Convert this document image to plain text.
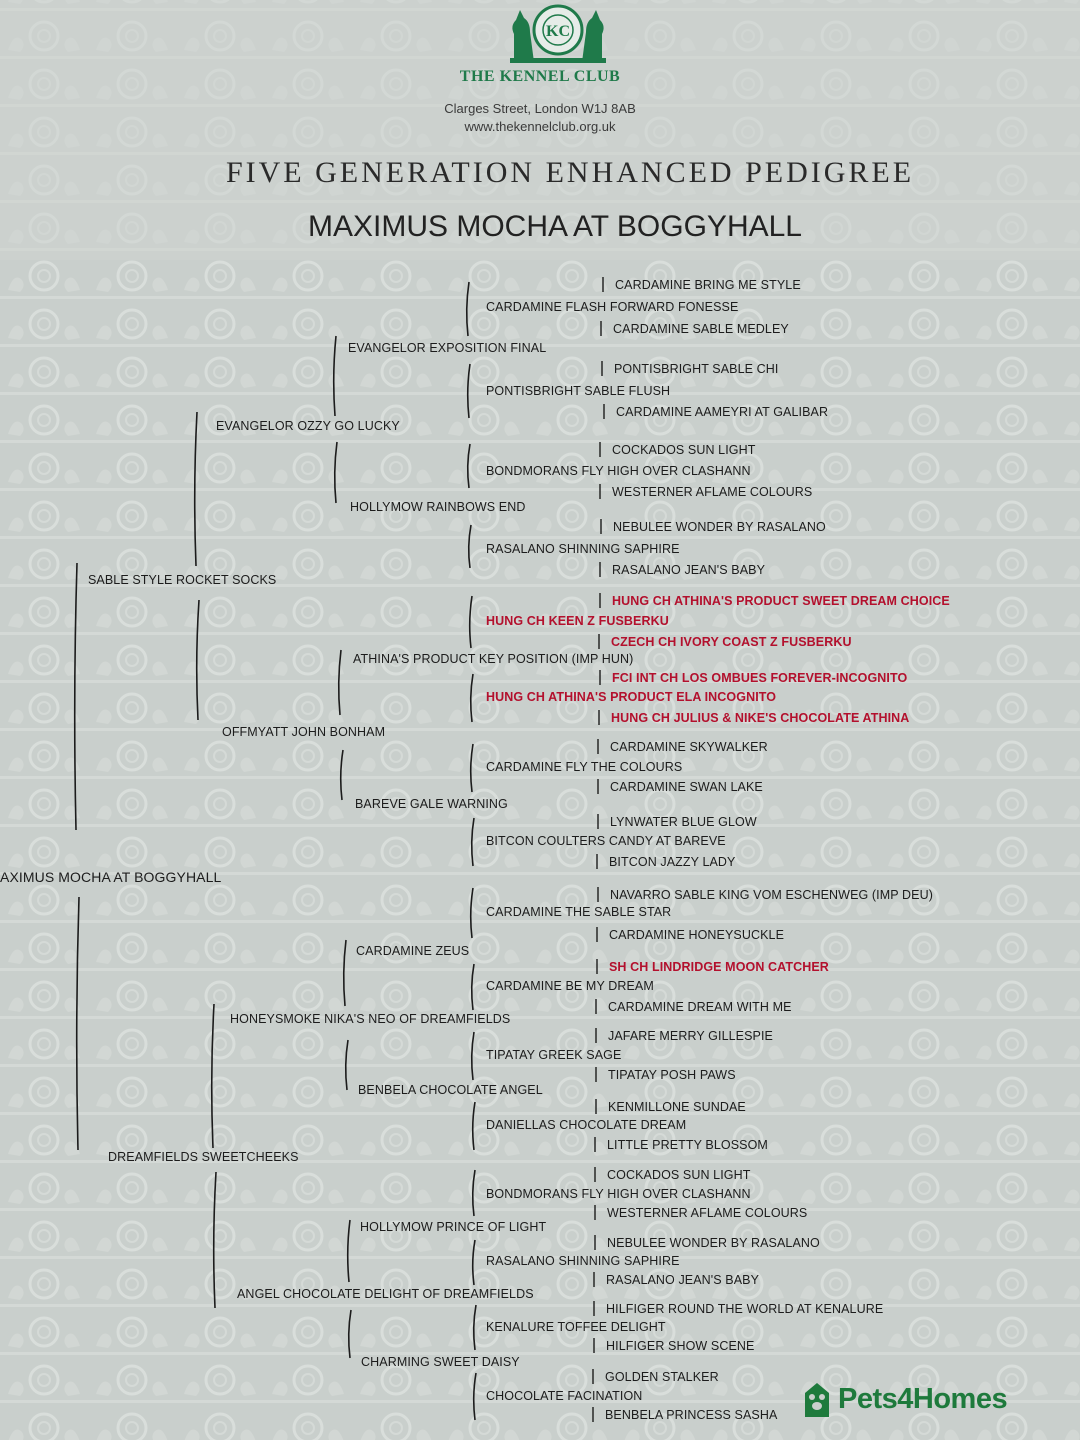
KC
THE KENNEL CLUB
Clarges Street, London W1J 8AB
www.thekennelclub.org.uk
FIVE GENERATION ENHANCED PEDIGREE
MAXIMUS MOCHA AT BOGGYHALL
AXIMUS MOCHA AT BOGGYHALL
SABLE STYLE ROCKET SOCKS
DREAMFIELDS SWEETCHEEKS
EVANGELOR OZZY GO LUCKY
OFFMYATT JOHN BONHAM
HONEYSMOKE NIKA'S NEO OF DREAMFIELDS
ANGEL CHOCOLATE DELIGHT OF DREAMFIELDS
EVANGELOR EXPOSITION FINAL
HOLLYMOW RAINBOWS END
ATHINA'S PRODUCT KEY POSITION (IMP HUN)
BAREVE GALE WARNING
CARDAMINE ZEUS
BENBELA CHOCOLATE ANGEL
HOLLYMOW PRINCE OF LIGHT
CHARMING SWEET DAISY
CARDAMINE FLASH FORWARD FONESSE
PONTISBRIGHT SABLE FLUSH
BONDMORANS FLY HIGH OVER CLASHANN
RASALANO SHINNING SAPHIRE
HUNG CH KEEN Z FUSBERKU
HUNG CH ATHINA'S PRODUCT ELA INCOGNITO
CARDAMINE FLY THE COLOURS
BITCON COULTERS CANDY AT BAREVE
CARDAMINE THE SABLE STAR
CARDAMINE BE MY DREAM
TIPATAY GREEK SAGE
DANIELLAS CHOCOLATE DREAM
BONDMORANS FLY HIGH OVER CLASHANN
RASALANO SHINNING SAPHIRE
KENALURE TOFFEE DELIGHT
CHOCOLATE FACINATION
CARDAMINE BRING ME STYLE
CARDAMINE SABLE MEDLEY
PONTISBRIGHT SABLE CHI
CARDAMINE AAMEYRI AT GALIBAR
COCKADOS SUN LIGHT
WESTERNER AFLAME COLOURS
NEBULEE WONDER BY RASALANO
RASALANO JEAN'S BABY
HUNG CH ATHINA'S PRODUCT SWEET DREAM CHOICE
CZECH CH IVORY COAST Z FUSBERKU
FCI INT CH LOS OMBUES FOREVER-INCOGNITO
HUNG CH JULIUS & NIKE'S CHOCOLATE ATHINA
CARDAMINE SKYWALKER
CARDAMINE SWAN LAKE
LYNWATER BLUE GLOW
BITCON JAZZY LADY
NAVARRO SABLE KING VOM ESCHENWEG (IMP DEU)
CARDAMINE HONEYSUCKLE
SH CH LINDRIDGE MOON CATCHER
CARDAMINE DREAM WITH ME
JAFARE MERRY GILLESPIE
TIPATAY POSH PAWS
KENMILLONE SUNDAE
LITTLE PRETTY BLOSSOM
COCKADOS SUN LIGHT
WESTERNER AFLAME COLOURS
NEBULEE WONDER BY RASALANO
RASALANO JEAN'S BABY
HILFIGER ROUND THE WORLD AT KENALURE
HILFIGER SHOW SCENE
GOLDEN STALKER
BENBELA PRINCESS SASHA Pets4Homes
